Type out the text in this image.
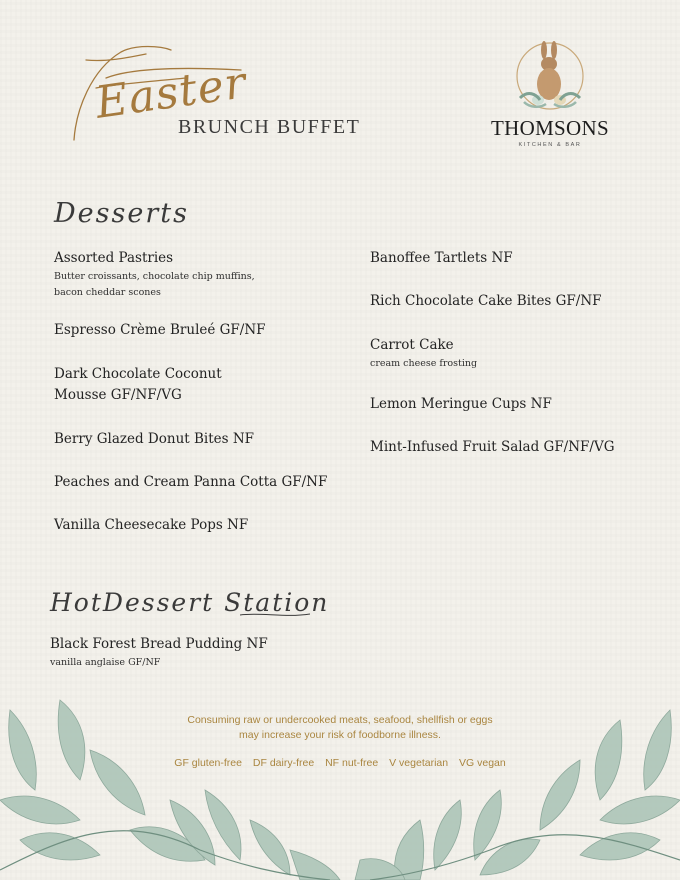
Easter
BRUNCH BUFFET	THOMSONS
KITCHEN & BAR
Desserts
Assorted Pastries
Butter croissants, chocolate chip muffins,
bacon cheddar scones
Espresso Crème Bruleé GF/NF
Dark Chocolate Coconut
Mousse GF/NF/VG
Berry Glazed Donut Bites NF
Peaches and Cream Panna Cotta GF/NF
Vanilla Cheesecake Pops NF
Banoffee Tartlets NF
Rich Chocolate Cake Bites GF/NF
Carrot Cake
cream cheese frosting
Lemon Meringue Cups NF
Mint-Infused Fruit Salad GF/NF/VG
HotDessert Station
Black Forest Bread Pudding NF
vanilla anglaise GF/NF
Consuming raw or undercooked meats, seafood, shellfish or eggs
may increase your risk of foodborne illness.
GF gluten-free DF dairy-free NF nut-free V vegetarian VG vegan
